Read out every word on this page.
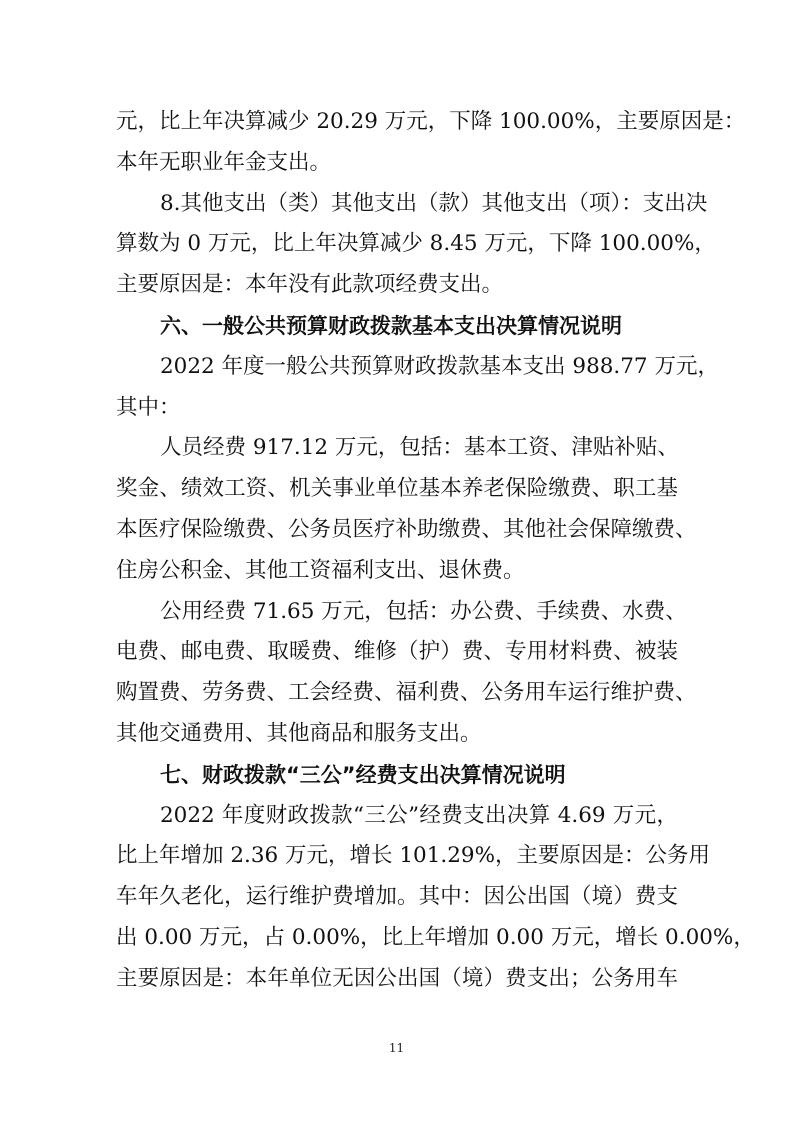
元，比上年决算减少 20.29 万元，下降 100.00%，主要原因是：
本年无职业年金支出。
8.其他支出（类）其他支出（款）其他支出（项）：支出决
算数为 0 万元，比上年决算减少 8.45 万元，下降 100.00%，
主要原因是：本年没有此款项经费支出。
六、一般公共预算财政拨款基本支出决算情况说明
2022 年度一般公共预算财政拨款基本支出 988.77 万元，
其中：
人员经费 917.12 万元，包括：基本工资、津贴补贴、
奖金、绩效工资、机关事业单位基本养老保险缴费、职工基
本医疗保险缴费、公务员医疗补助缴费、其他社会保障缴费、
住房公积金、其他工资福利支出、退休费。
公用经费 71.65 万元，包括：办公费、手续费、水费、
电费、邮电费、取暖费、维修（护）费、专用材料费、被装
购置费、劳务费、工会经费、福利费、公务用车运行维护费、
其他交通费用、其他商品和服务支出。
七、财政拨款“三公”经费支出决算情况说明
2022 年度财政拨款“三公”经费支出决算 4.69 万元，
比上年增加 2.36 万元，增长 101.29%，主要原因是：公务用
车年久老化，运行维护费增加。其中：因公出国（境）费支
出 0.00 万元，占 0.00%，比上年增加 0.00 万元，增长 0.00%，
主要原因是：本年单位无因公出国（境）费支出；公务用车
11
